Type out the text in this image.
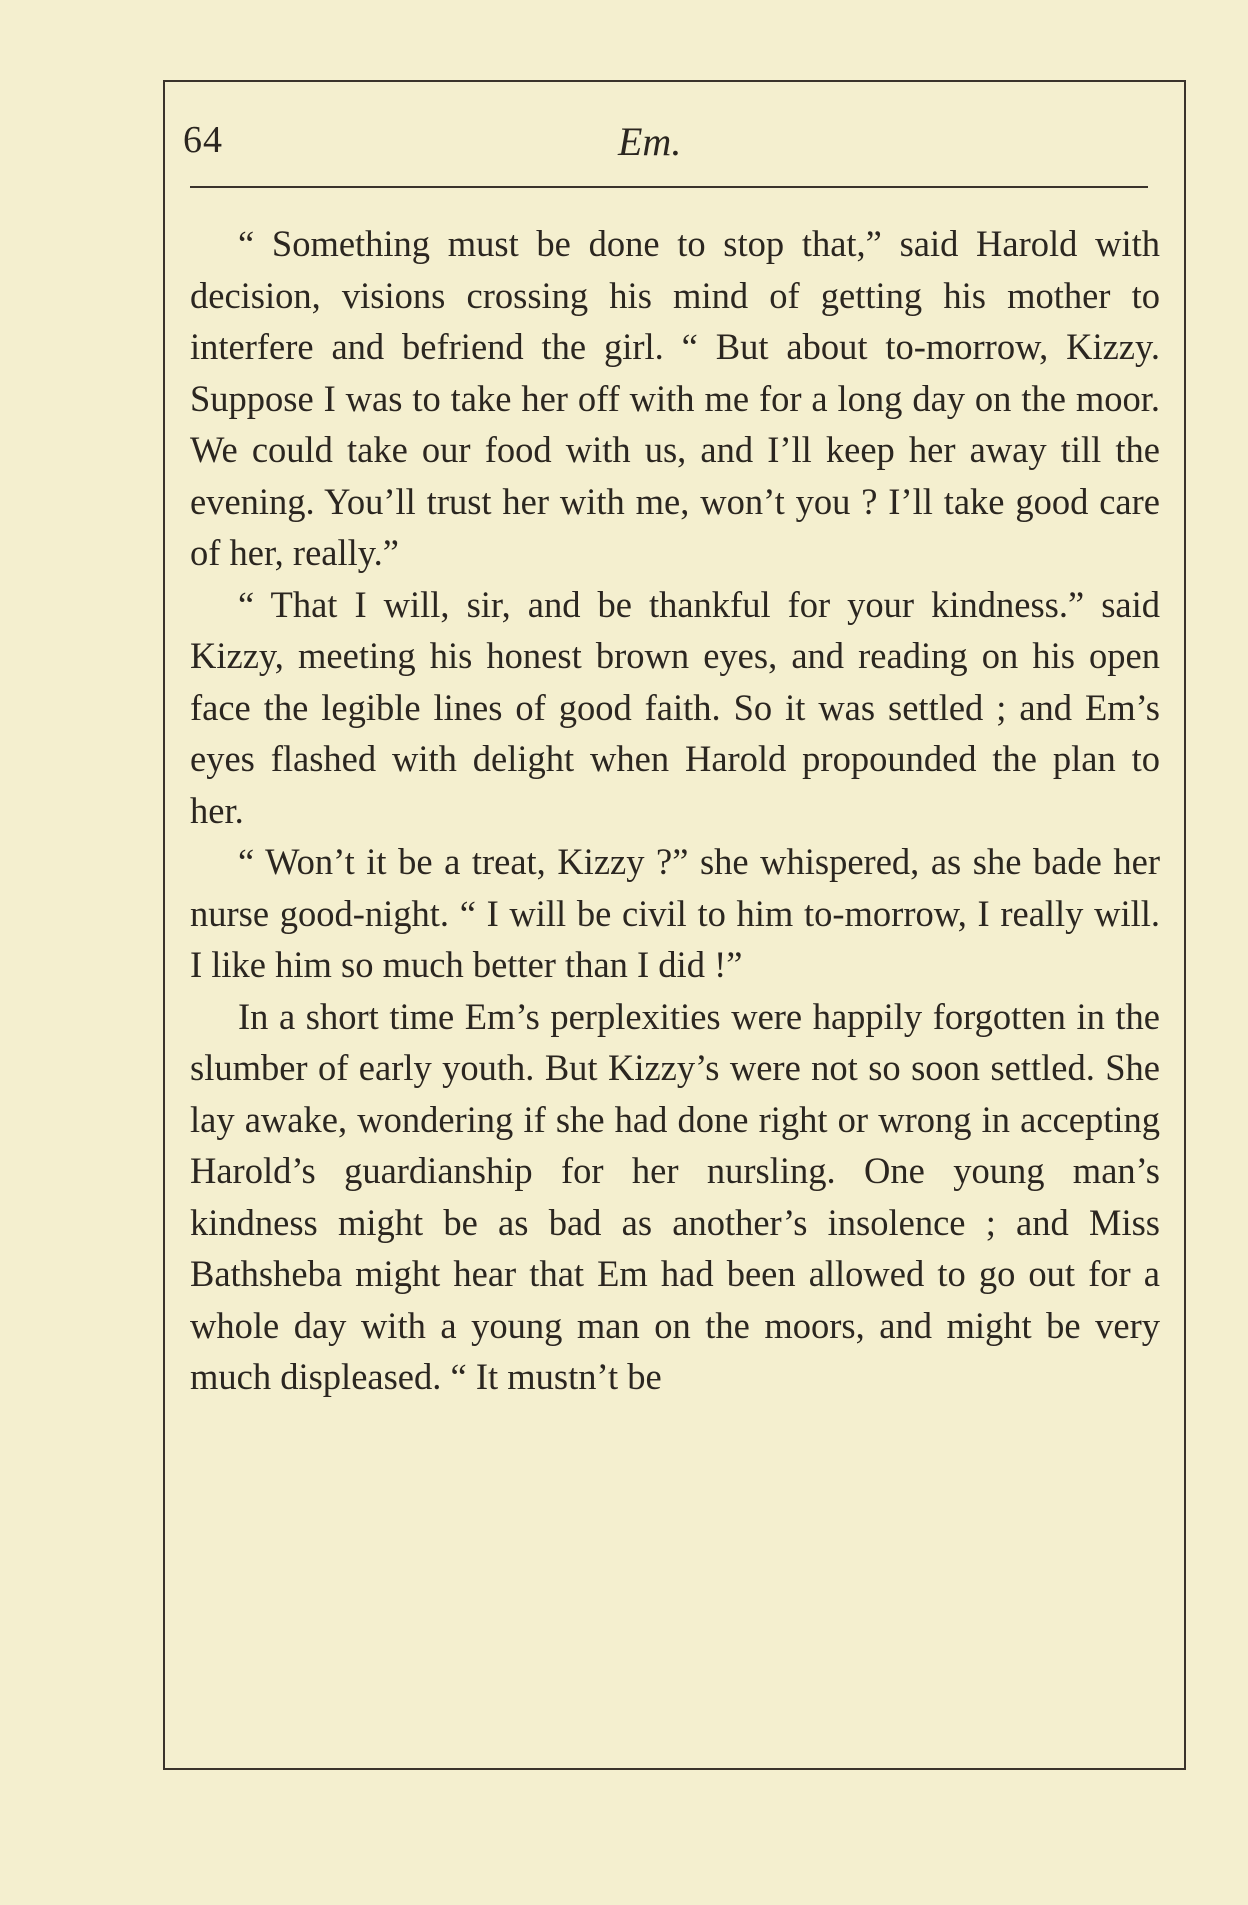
64	Em.

“ Something must be done to stop that,” said Harold with decision, visions crossing his mind of getting his mother to interfere and befriend the girl. “ But about to-morrow, Kizzy. Suppose I was to take her off with me for a long day on the moor. We could take our food with us, and I’ll keep her away till the evening. You’ll trust her with me, won’t you ? I’ll take good care of her, really.”

“ That I will, sir, and be thankful for your kindness.” said Kizzy, meeting his honest brown eyes, and reading on his open face the legible lines of good faith. So it was settled ; and Em’s eyes flashed with delight when Harold propounded the plan to her.

“ Won’t it be a treat, Kizzy ?” she whispered, as she bade her nurse good-night. “ I will be civil to him to-morrow, I really will. I like him so much better than I did !”

In a short time Em’s perplexities were happily forgotten in the slumber of early youth. But Kizzy’s were not so soon settled. She lay awake, wondering if she had done right or wrong in accepting Harold’s guardianship for her nursling. One young man’s kindness might be as bad as another’s insolence ; and Miss Bathsheba might hear that Em had been allowed to go out for a whole day with a young man on the moors, and might be very much displeased. “ It mustn’t be
